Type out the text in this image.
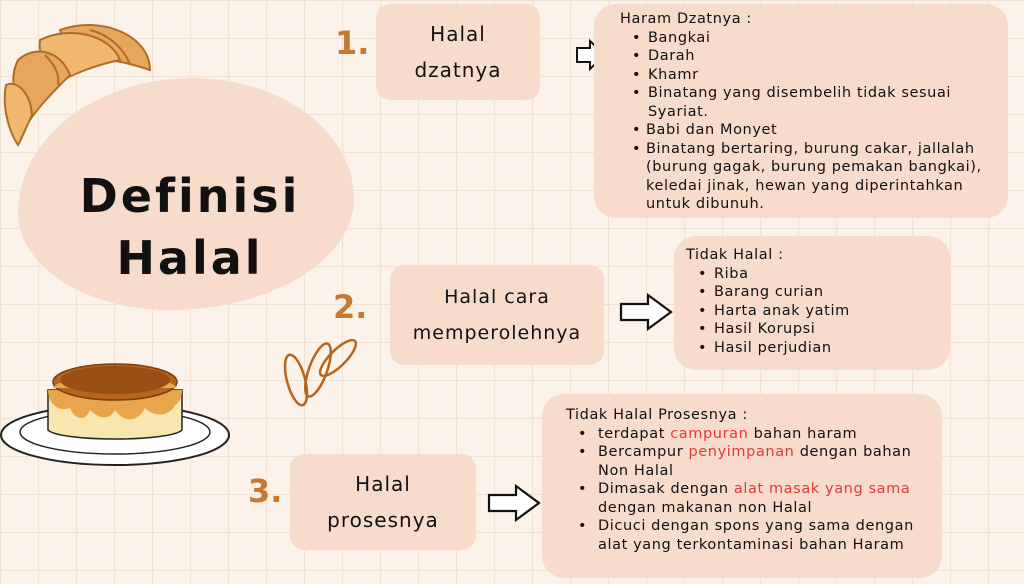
Definisi
Halal
1.	Halal
dzatnya
Haram Dzatnya :
• Bangkai
• Darah
• Khamr
• Binatang yang disembelih tidak sesuai Syariat.
• Babi dan Monyet
• Binatang bertaring, burung cakar, jallalah (burung gagak, burung pemakan bangkai), keledai jinak, hewan yang diperintahkan untuk dibunuh.
2.	Halal cara
memperolehnya
Tidak Halal :
• Riba
• Barang curian
• Harta anak yatim
• Hasil Korupsi
• Hasil perjudian
3.	Halal
prosesnya
Tidak Halal Prosesnya :
• terdapat campuran bahan haram
• Bercampur penyimpanan dengan bahan Non Halal
• Dimasak dengan alat masak yang sama dengan makanan non Halal
• Dicuci dengan spons yang sama dengan alat yang terkontaminasi bahan Haram
